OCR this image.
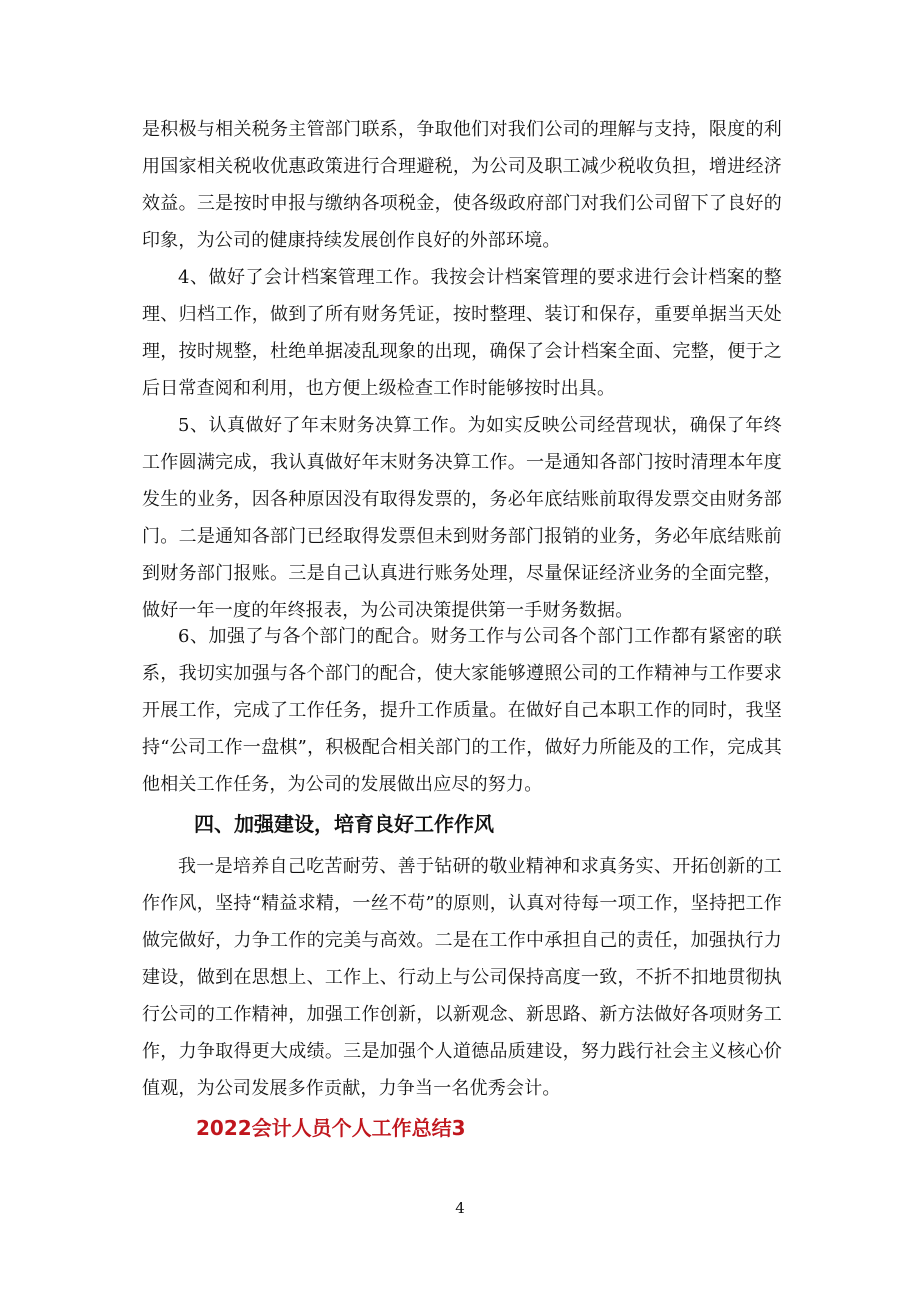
是积极与相关税务主管部门联系，争取他们对我们公司的理解与支持，限度的利用国家相关税收优惠政策进行合理避税，为公司及职工减少税收负担，增进经济效益。三是按时申报与缴纳各项税金，使各级政府部门对我们公司留下了良好的印象，为公司的健康持续发展创作良好的外部环境。

4、做好了会计档案管理工作。我按会计档案管理的要求进行会计档案的整理、归档工作，做到了所有财务凭证，按时整理、装订和保存，重要单据当天处理，按时规整，杜绝单据凌乱现象的出现，确保了会计档案全面、完整，便于之后日常查阅和利用，也方便上级检查工作时能够按时出具。

5、认真做好了年末财务决算工作。为如实反映公司经营现状，确保了年终工作圆满完成，我认真做好年末财务决算工作。一是通知各部门按时清理本年度发生的业务，因各种原因没有取得发票的，务必年底结账前取得发票交由财务部门。二是通知各部门已经取得发票但未到财务部门报销的业务，务必年底结账前到财务部门报账。三是自己认真进行账务处理，尽量保证经济业务的全面完整，做好一年一度的年终报表，为公司决策提供第一手财务数据。

6、加强了与各个部门的配合。财务工作与公司各个部门工作都有紧密的联系，我切实加强与各个部门的配合，使大家能够遵照公司的工作精神与工作要求开展工作，完成了工作任务，提升工作质量。在做好自己本职工作的同时，我坚持“公司工作一盘棋”，积极配合相关部门的工作，做好力所能及的工作，完成其他相关工作任务，为公司的发展做出应尽的努力。

四、加强建设，培育良好工作作风

我一是培养自己吃苦耐劳、善于钻研的敬业精神和求真务实、开拓创新的工作作风，坚持“精益求精，一丝不苟”的原则，认真对待每一项工作，坚持把工作做完做好，力争工作的完美与高效。二是在工作中承担自己的责任，加强执行力建设，做到在思想上、工作上、行动上与公司保持高度一致，不折不扣地贯彻执行公司的工作精神，加强工作创新，以新观念、新思路、新方法做好各项财务工作，力争取得更大成绩。三是加强个人道德品质建设，努力践行社会主义核心价值观，为公司发展多作贡献，力争当一名优秀会计。

2022会计人员个人工作总结3

4
